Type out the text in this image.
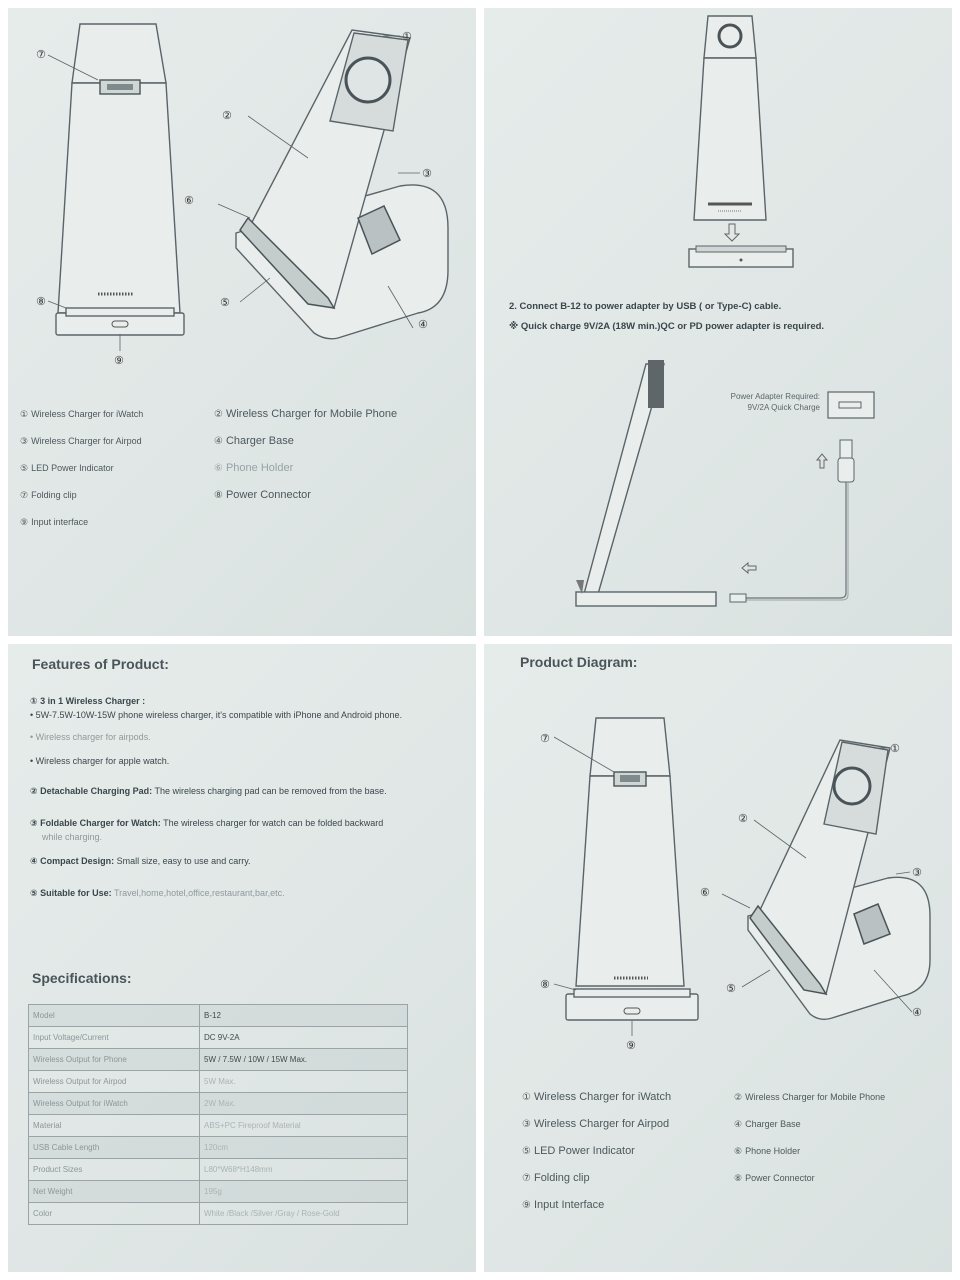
①
②
③
④
⑤
⑥
⑦
⑧
⑨
① Wireless Charger for iWatch
③ Wireless Charger for Airpod
⑤ LED Power Indicator
⑦ Folding clip
⑨ Input interface
② Wireless Charger for Mobile Phone
④ Charger Base
⑥ Phone Holder
⑧ Power Connector
2. Connect B-12 to power adapter by USB ( or Type-C) cable.
※ Quick charge 9V/2A (18W min.)QC or PD power adapter is required.
Power Adapter Required:
9V/2A Quick Charge
Features of Product:
① 3 in 1 Wireless Charger :
• 5W-7.5W-10W-15W phone wireless charger, it's compatible with iPhone and Android phone.
• Wireless charger for airpods.
• Wireless charger for apple watch.
② Detachable Charging Pad: The wireless charging pad can be removed from the base.
③ Foldable Charger for Watch: The wireless charger for watch can be folded backward
while charging.
④ Compact Design: Small size, easy to use and carry.
⑤ Suitable for Use: Travel,home,hotel,office,restaurant,bar,etc.
Specifications:
Model	B-12
Input Voltage/Current	DC 9V-2A
Wireless Output for Phone	5W / 7.5W / 10W / 15W Max.
Wireless Output for Airpod	5W Max.
Wireless Output for iWatch	2W Max.
Material	ABS+PC Fireproof Material
USB Cable Length	120cm
Product Sizes	L80*W68*H148mm
Net Weight	195g
Color	White /Black /Silver /Gray / Rose-Gold
Product Diagram:
①
②
③
④
⑤
⑥
⑦
⑧
⑨
① Wireless Charger for iWatch
③ Wireless Charger for Airpod
⑤ LED Power Indicator
⑦ Folding clip
⑨ Input Interface
② Wireless Charger for Mobile Phone
④ Charger Base
⑥ Phone Holder
⑧ Power Connector
